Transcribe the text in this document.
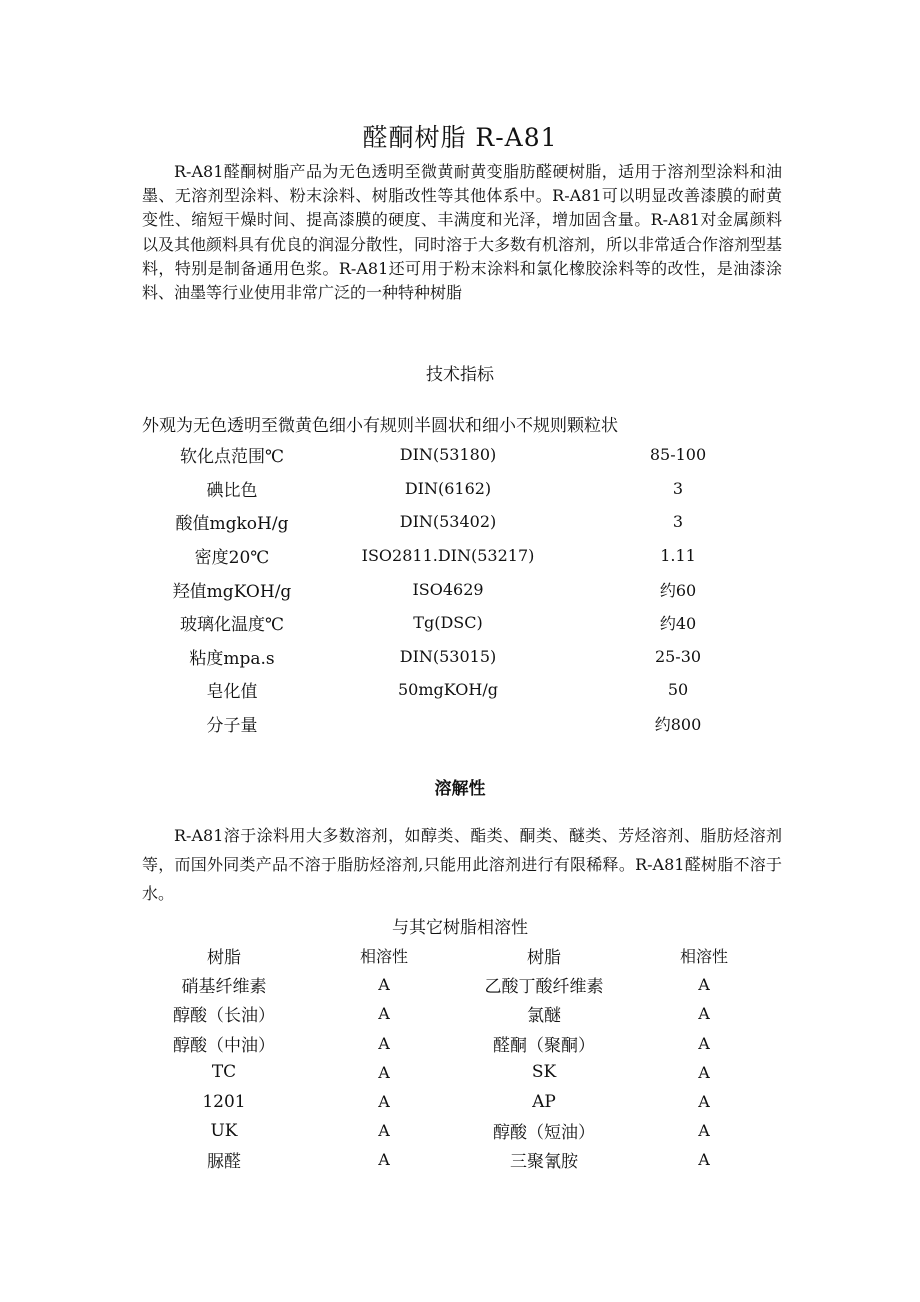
醛酮树脂 R-A81

R-A81醛酮树脂产品为无色透明至微黄耐黄变脂肪醛硬树脂，适用于溶剂型涂料和油墨、无溶剂型涂料、粉末涂料、树脂改性等其他体系中。R-A81可以明显改善漆膜的耐黄变性、缩短干燥时间、提高漆膜的硬度、丰满度和光泽，增加固含量。R-A81对金属颜料以及其他颜料具有优良的润湿分散性，同时溶于大多数有机溶剂，所以非常适合作溶剂型基料，特别是制备通用色浆。R-A81还可用于粉末涂料和氯化橡胶涂料等的改性，是油漆涂料、油墨等行业使用非常广泛的一种特种树脂

技术指标
外观为无色透明至微黄色细小有规则半圆状和细小不规则颗粒状
软化点范围℃	DIN(53180)	85-100
碘比色	DIN(6162)	3
酸值mgkoH/g	DIN(53402)	3
密度20℃	ISO2811.DIN(53217)	1.11
羟值mgKOH/g	ISO4629	约60
玻璃化温度℃	Tg(DSC)	约40
粘度mpa.s	DIN(53015)	25-30
皂化值	50mgKOH/g	50
分子量		约800
溶解性

R-A81溶于涂料用大多数溶剂，如醇类、酯类、酮类、醚类、芳烃溶剂、脂肪烃溶剂等，而国外同类产品不溶于脂肪烃溶剂,只能用此溶剂进行有限稀释。R-A81醛树脂不溶于水。

与其它树脂相溶性
树脂	相溶性	树脂	相溶性
硝基纤维素	A	乙酸丁酸纤维素	A
醇酸（长油）	A	氯醚	A
醇酸（中油）	A	醛酮（聚酮）	A
TC	A	SK	A
1201	A	AP	A
UK	A	醇酸（短油）	A
脲醛	A	三聚氰胺	A
